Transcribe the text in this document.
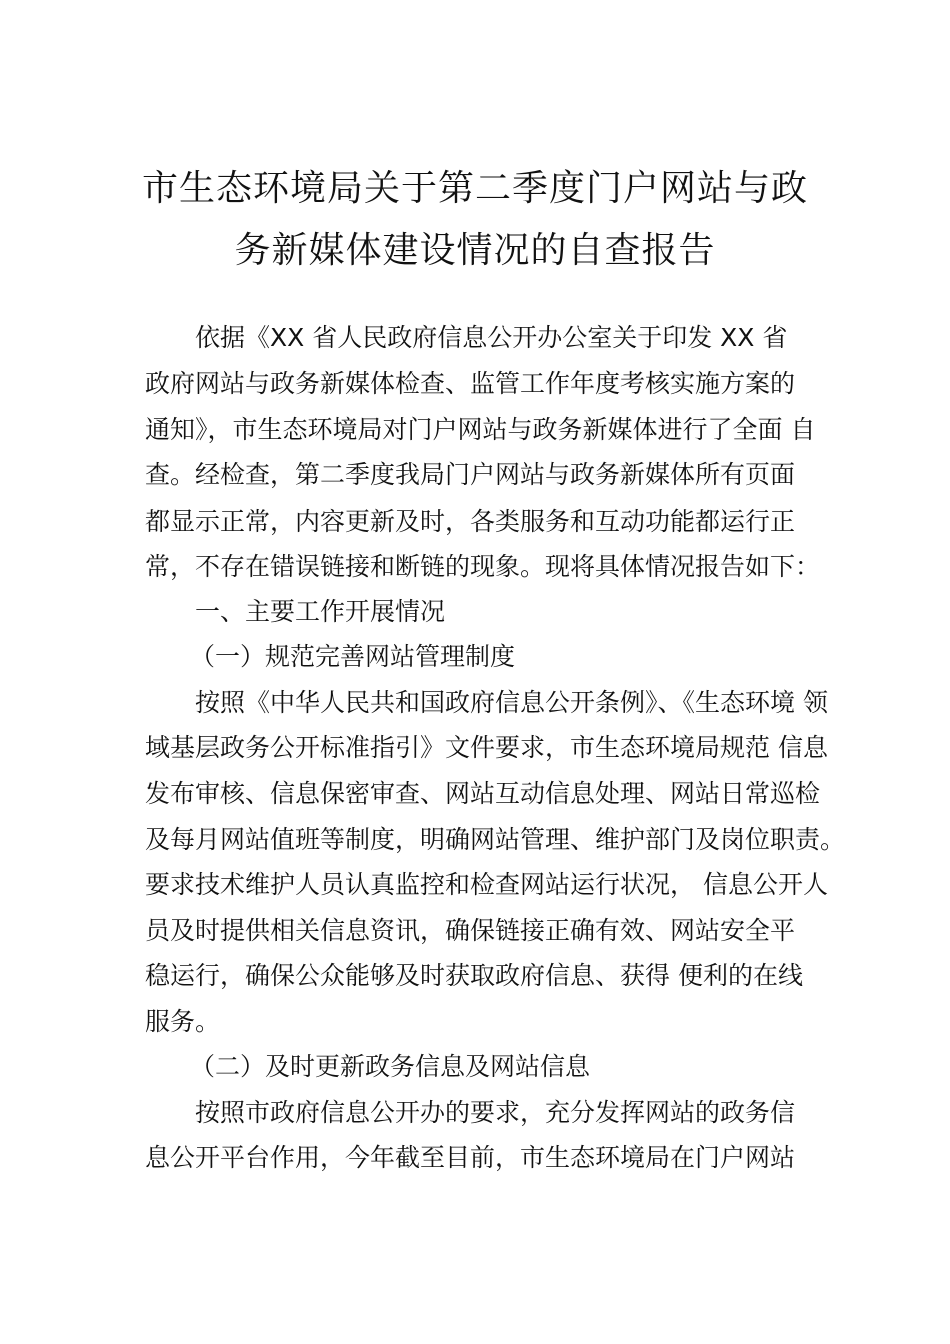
市生态环境局关于第二季度门户网站与政
务新媒体建设情况的自查报告
依据《XX 省人民政府信息公开办公室关于印发 XX 省
政府网站与政务新媒体检查、监管工作年度考核实施方案的
通知》，市生态环境局对门户网站与政务新媒体进行了全面 自
查。经检查，第二季度我局门户网站与政务新媒体所有页面
都显示正常，内容更新及时，各类服务和互动功能都运行正
常，不存在错误链接和断链的现象。现将具体情况报告如下：
一、主要工作开展情况
（一）规范完善网站管理制度
按照《中华人民共和国政府信息公开条例》、《生态环境 领
域基层政务公开标准指引》文件要求，市生态环境局规范 信息
发布审核、信息保密审查、网站互动信息处理、网站日常巡检
及每月网站值班等制度，明确网站管理、维护部门及岗位职责。
要求技术维护人员认真监控和检查网站运行状况， 信息公开人
员及时提供相关信息资讯，确保链接正确有效、网站安全平
稳运行，确保公众能够及时获取政府信息、获得 便利的在线
服务。
（二）及时更新政务信息及网站信息
按照市政府信息公开办的要求，充分发挥网站的政务信
息公开平台作用，今年截至目前，市生态环境局在门户网站
